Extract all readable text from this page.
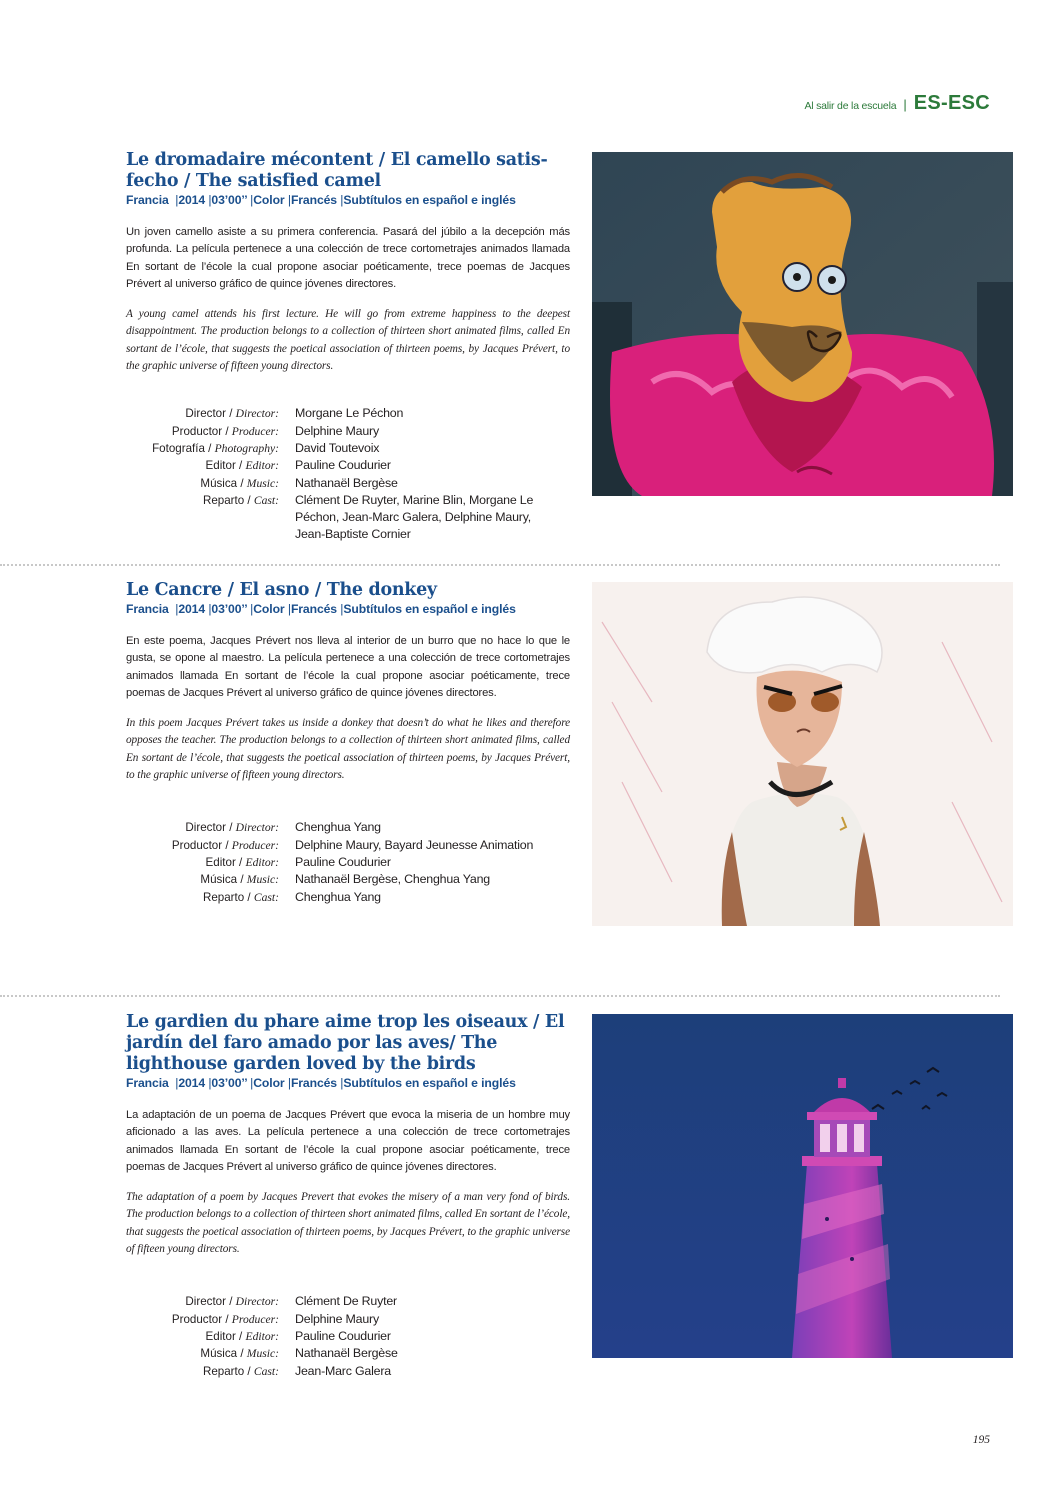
Al salir de la escuela | ES-ESC
Le dromadaire mécontent / El camello satis-fecho / The satisfied camel
Francia  |2014 |03’00’’ |Color |Francés |Subtítulos en español e inglés

Un joven camello asiste a su primera conferencia. Pasará del júbilo a la decepción más profunda. La película pertenece a una colección de trece cortometrajes animados llamada En sortant de l’école la cual propone asociar poéticamente, trece poemas de Jacques Prévert al universo gráfico de quince jóvenes directores.

A young camel attends his first lecture. He will go from extreme happiness to the deepest disappointment. The production belongs to a collection of thirteen short animated films, called En sortant de l’école, that suggests the poetical association of thirteen poems, by Jacques Prévert, to the graphic universe of fifteen young directors.

Director / Director:	Morgane Le Péchon
Productor / Producer:	Delphine Maury
Fotografía / Photography:	David Toutevoix
Editor / Editor:	Pauline Coudurier
Música / Music:	Nathanaël Bergèse
Reparto / Cast:	Clément De Ruyter, Marine Blin, Morgane Le Péchon, Jean-Marc Galera, Delphine Maury, Jean-Baptiste Cornier
Le Cancre / El asno / The donkey
Francia  |2014 |03’00’’ |Color |Francés |Subtítulos en español e inglés

En este poema, Jacques Prévert nos lleva al interior de un burro que no hace lo que le gusta, se opone al maestro. La película pertenece a una colección de trece cortometrajes animados llamada En sortant de l’école la cual propone asociar poéticamente, trece poemas de Jacques Prévert al universo gráfico de quince jóvenes directores.

In this poem Jacques Prévert takes us inside a donkey that doesn’t do what he likes and therefore opposes the teacher. The production belongs to a collection of thirteen short animated films, called En sortant de l’école, that suggests the poetical association of thirteen poems, by Jacques Prévert, to the graphic universe of fifteen young directors.

Director / Director:	Chenghua Yang
Productor / Producer:	Delphine Maury, Bayard Jeunesse Animation
Editor / Editor:	Pauline Coudurier
Música / Music:	Nathanaël Bergèse, Chenghua Yang
Reparto / Cast:	Chenghua Yang
Le gardien du phare aime trop les oiseaux / El jardín del faro amado por las aves/ The lighthouse garden loved by the birds
Francia  |2014 |03’00’’ |Color |Francés |Subtítulos en español e inglés

La adaptación de un poema de Jacques Prévert que evoca la miseria de un hombre muy aficionado a las aves. La película pertenece a una colección de trece cortometrajes animados llamada En sortant de l’école la cual propone asociar poéticamente, trece poemas de Jacques Prévert al universo gráfico de quince jóvenes directores.

The adaptation of a poem by Jacques Prevert that evokes the misery of a man very fond of birds. The production belongs to a collection of thirteen short animated films, called En sortant de l’école, that suggests the poetical association of thirteen poems, by Jacques Prévert, to the graphic universe of fifteen young directors.

Director / Director:	Clément De Ruyter
Productor / Producer:	Delphine Maury
Editor / Editor:	Pauline Coudurier
Música / Music:	Nathanaël Bergèse
Reparto / Cast:	Jean-Marc Galera
195
